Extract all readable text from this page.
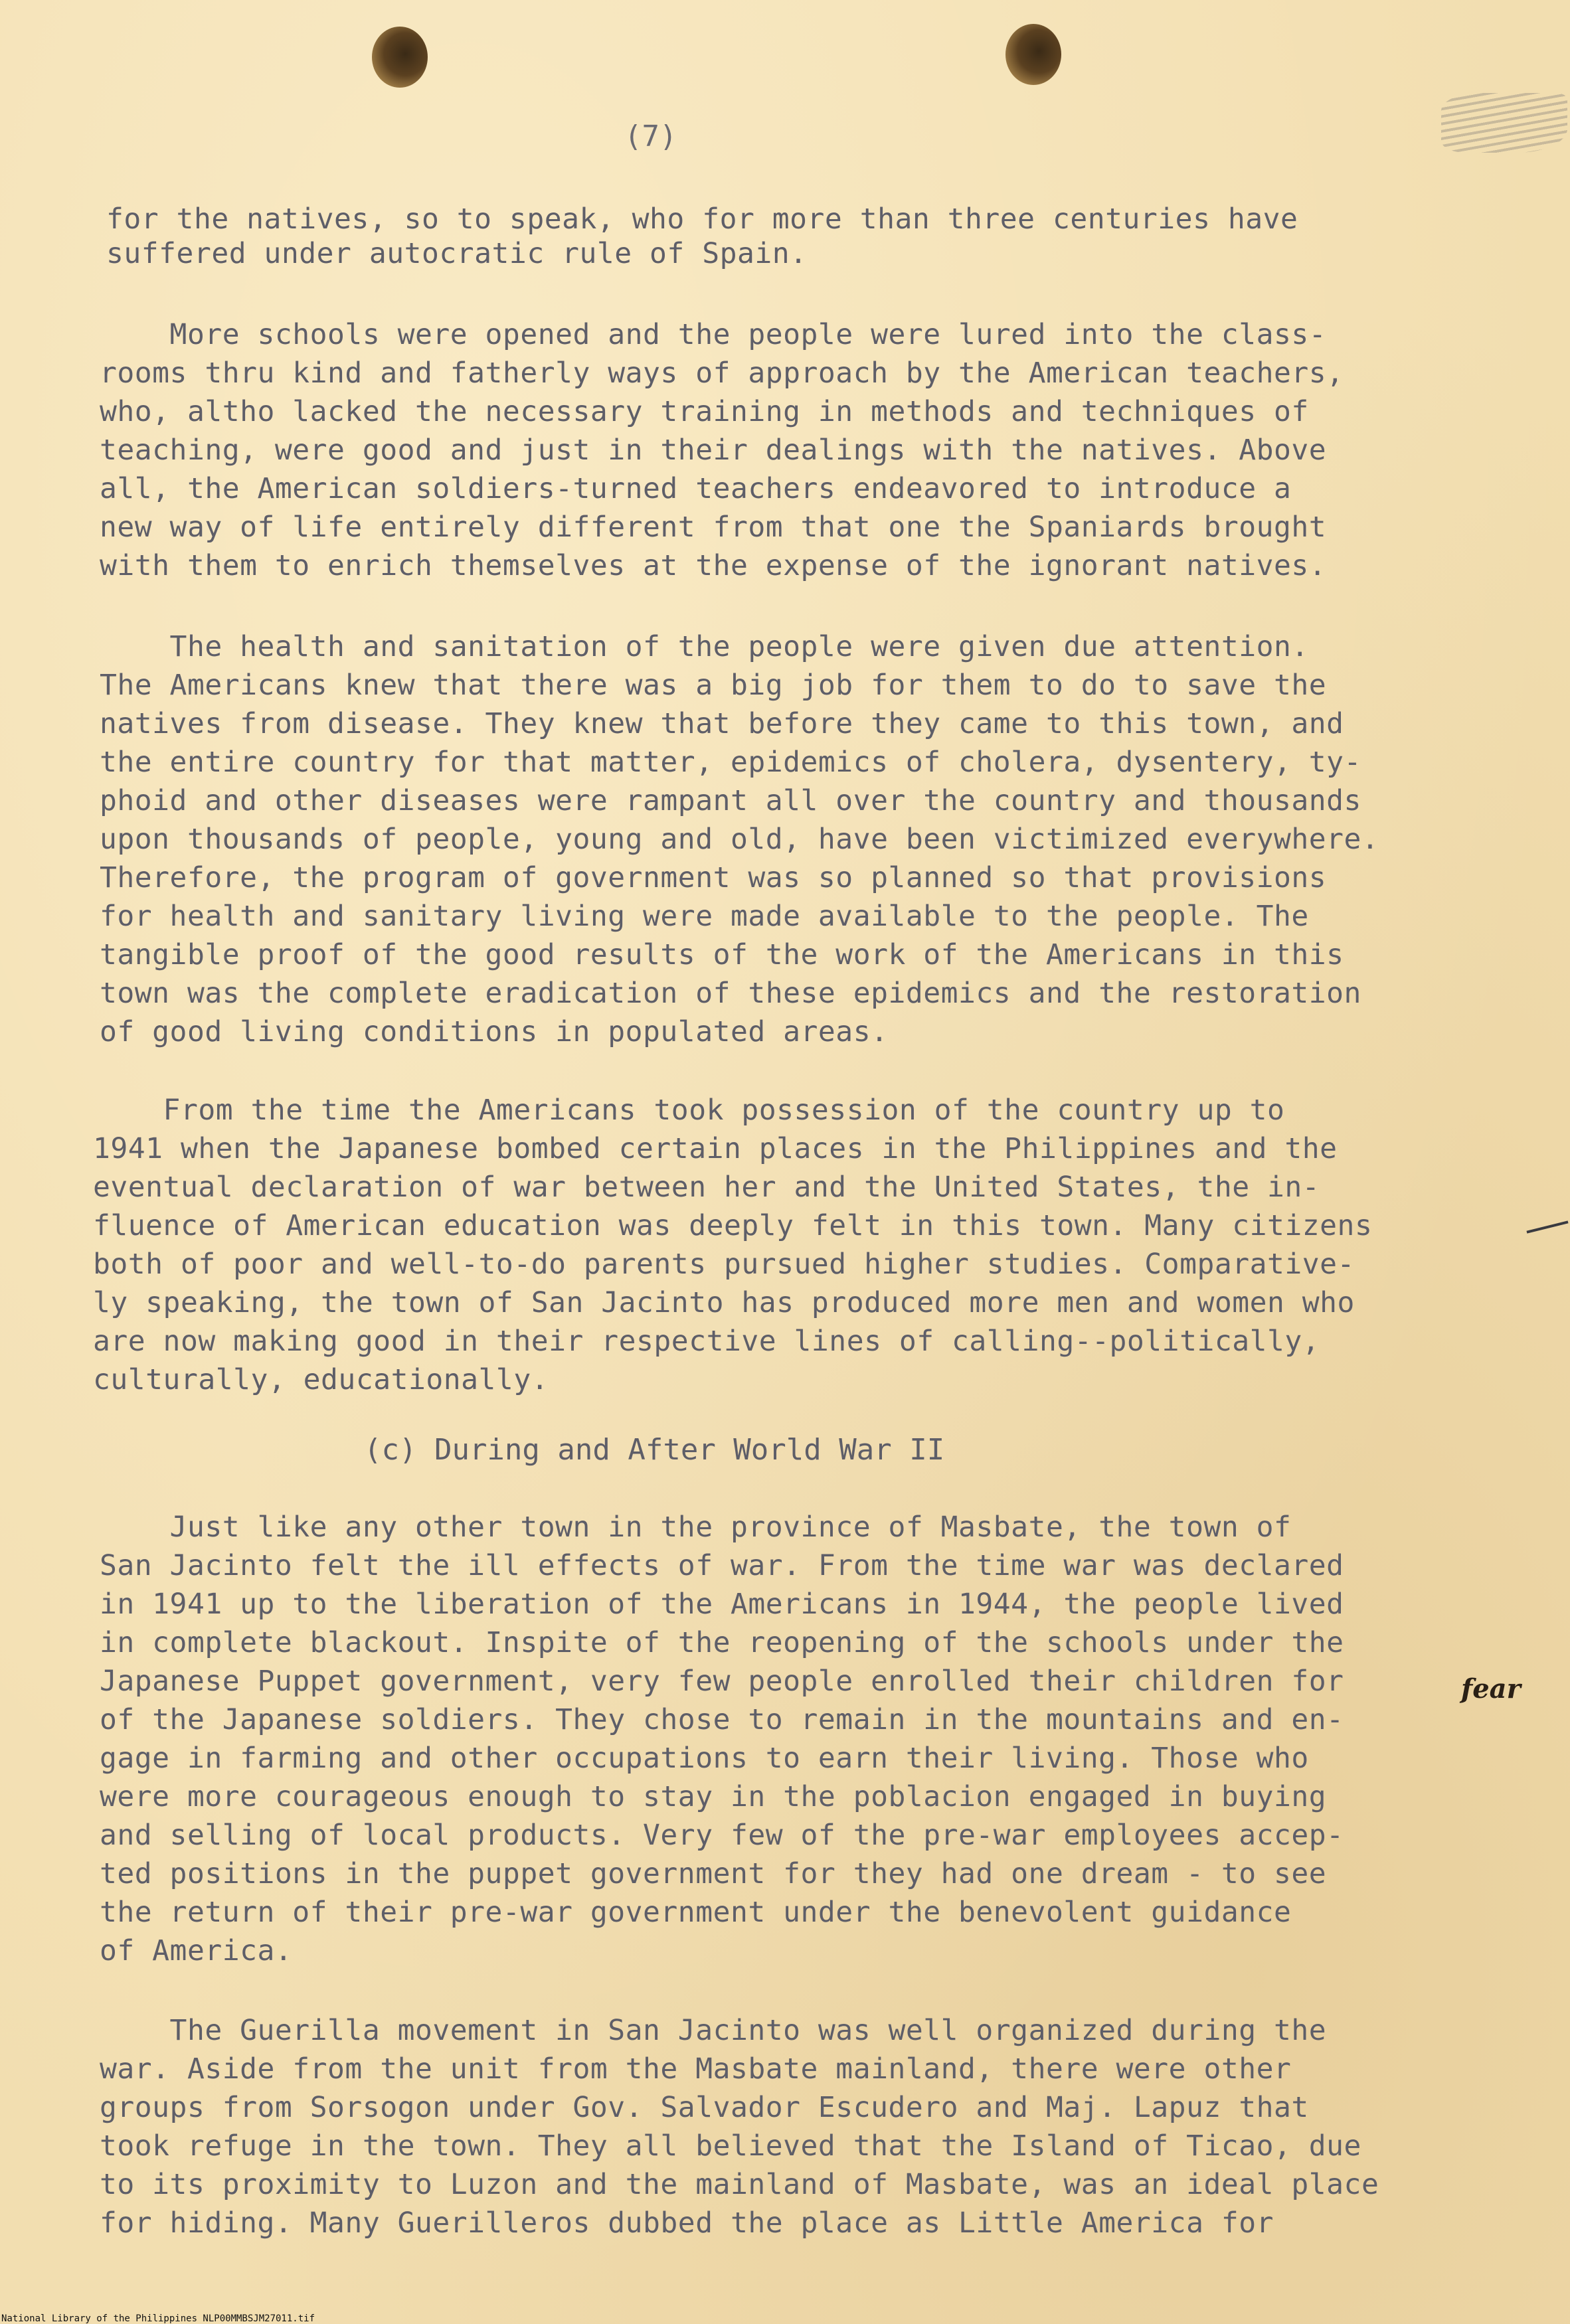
(7)
for the natives, so to speak, who for more than three centuries have
suffered under autocratic rule of Spain.
More schools were opened and the people were lured into the class-
rooms thru kind and fatherly ways of approach by the American teachers,
who, altho lacked the necessary training in methods and techniques of
teaching, were good and just in their dealings with the natives. Above
all, the American soldiers-turned teachers endeavored to introduce a
new way of life entirely different from that one the Spaniards brought
with them to enrich themselves at the expense of the ignorant natives.
The health and sanitation of the people were given due attention.
The Americans knew that there was a big job for them to do to save the
natives from disease. They knew that before they came to this town, and
the entire country for that matter, epidemics of cholera, dysentery, ty-
phoid and other diseases were rampant all over the country and thousands
upon thousands of people, young and old, have been victimized everywhere.
Therefore, the program of government was so planned so that provisions
for health and sanitary living were made available to the people. The
tangible proof of the good results of the work of the Americans in this
town was the complete eradication of these epidemics and the restoration
of good living conditions in populated areas.
From the time the Americans took possession of the country up to
1941 when the Japanese bombed certain places in the Philippines and the
eventual declaration of war between her and the United States, the in-
fluence of American education was deeply felt in this town. Many citizens
both of poor and well-to-do parents pursued higher studies. Comparative-
ly speaking, the town of San Jacinto has produced more men and women who
are now making good in their respective lines of calling--politically,
culturally, educationally.
(c) During and After World War II
Just like any other town in the province of Masbate, the town of
San Jacinto felt the ill effects of war. From the time war was declared
in 1941 up to the liberation of the Americans in 1944, the people lived
in complete blackout. Inspite of the reopening of the schools under the
Japanese Puppet government, very few people enrolled their children for
of the Japanese soldiers. They chose to remain in the mountains and en-
gage in farming and other occupations to earn their living. Those who
were more courageous enough to stay in the poblacion engaged in buying
and selling of local products. Very few of the pre-war employees accep-
ted positions in the puppet government for they had one dream - to see
the return of their pre-war government under the benevolent guidance
of America.
The Guerilla movement in San Jacinto was well organized during the
war. Aside from the unit from the Masbate mainland, there were other
groups from Sorsogon under Gov. Salvador Escudero and Maj. Lapuz that
took refuge in the town. They all believed that the Island of Ticao, due
to its proximity to Luzon and the mainland of Masbate, was an ideal place
for hiding. Many Guerilleros dubbed the place as Little America for
fear
National Library of the Philippines NLP00MMBSJM27011.tif
